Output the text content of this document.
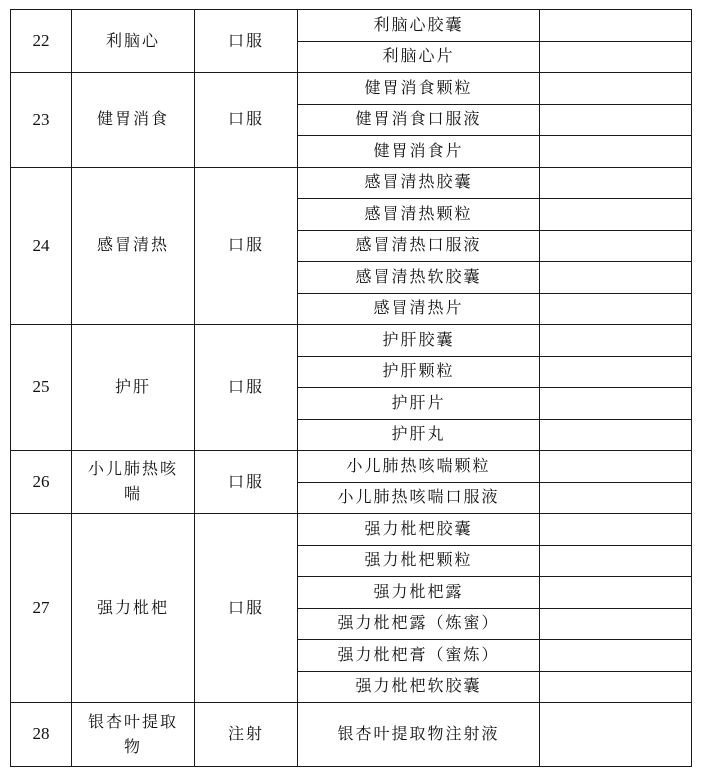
22	利脑心	口服	利脑心胶囊	
			利脑心片	
23	健胃消食	口服	健胃消食颗粒	
			健胃消食口服液	
			健胃消食片	
24	感冒清热	口服	感冒清热胶囊	
			感冒清热颗粒	
			感冒清热口服液	
			感冒清热软胶囊	
			感冒清热片	
25	护肝	口服	护肝胶囊	
			护肝颗粒	
			护肝片	
			护肝丸	
26	小儿肺热咳喘	口服	小儿肺热咳喘颗粒	
			小儿肺热咳喘口服液	
27	强力枇杷	口服	强力枇杷胶囊	
			强力枇杷颗粒	
			强力枇杷露	
			强力枇杷露（炼蜜）	
			强力枇杷膏（蜜炼）	
			强力枇杷软胶囊	
28	银杏叶提取物	注射	银杏叶提取物注射液	
